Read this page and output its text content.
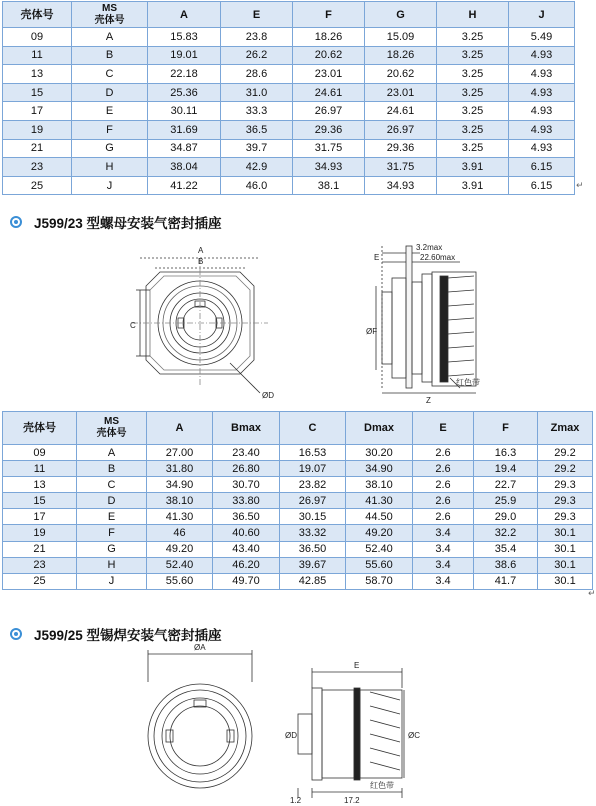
壳体号	MS
壳体号	A	E	F	G	H	J
09	A	15.83	23.8	18.26	15.09	3.25	5.49
11	B	19.01	26.2	20.62	18.26	3.25	4.93
13	C	22.18	28.6	23.01	20.62	3.25	4.93
15	D	25.36	31.0	24.61	23.01	3.25	4.93
17	E	30.11	33.3	26.97	24.61	3.25	4.93
19	F	31.69	36.5	29.36	26.97	3.25	4.93
21	G	34.87	39.7	31.75	29.36	3.25	4.93
23	H	38.04	42.9	34.93	31.75	3.91	6.15
25	J	41.22	46.0	38.1	34.93	3.91	6.15	↵
J599/23 型螺母安装气密封插座
A
B
C
ØD
3.2max
22.60max
E
ØF
Z
红色带
壳体号	MS
壳体号	A	Bmax	C	Dmax	E	F	Zmax
09	A	27.00	23.40	16.53	30.20	2.6	16.3	29.2
11	B	31.80	26.80	19.07	34.90	2.6	19.4	29.2
13	C	34.90	30.70	23.82	38.10	2.6	22.7	29.3
15	D	38.10	33.80	26.97	41.30	2.6	25.9	29.3
17	E	41.30	36.50	30.15	44.50	2.6	29.0	29.3
19	F	46	40.60	33.32	49.20	3.4	32.2	30.1
21	G	49.20	43.40	36.50	52.40	3.4	35.4	30.1
23	H	52.40	46.20	39.67	55.60	3.4	38.6	30.1
25	J	55.60	49.70	42.85	58.70	3.4	41.7	30.1
↵
J599/25 型锡焊安装气密封插座
ØA
E
ØD	ØC
红色带
1.2	17.2
